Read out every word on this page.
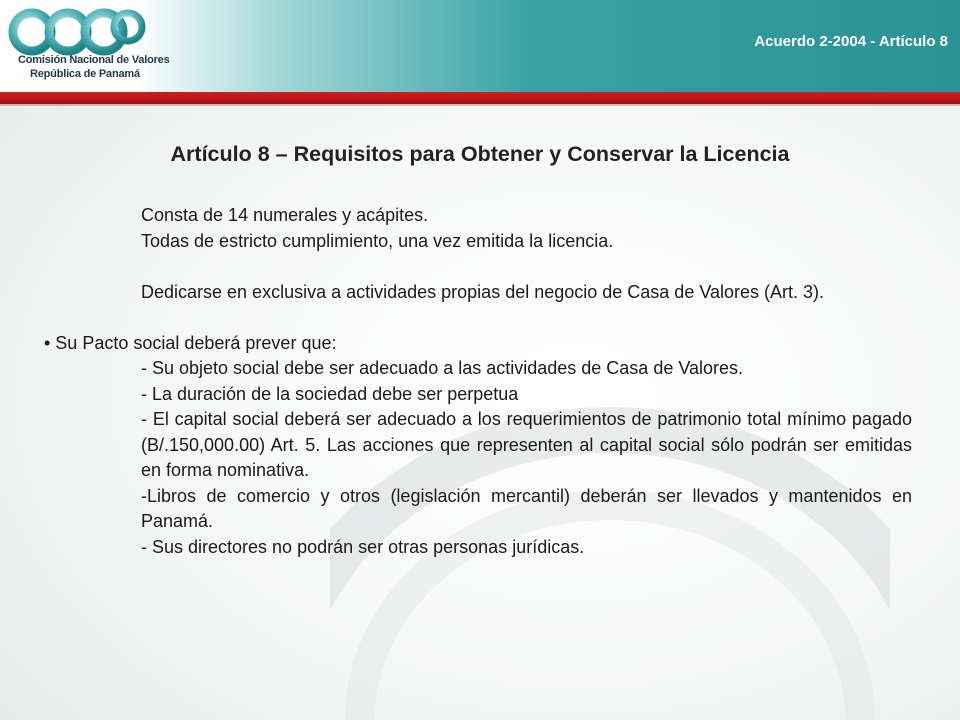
Comisión Nacional de Valores
República de Panamá
Acuerdo 2-2004 - Artículo 8
Artículo 8 – Requisitos para Obtener y Conservar la Licencia

Consta de 14 numerales y acápites.

Todas de estricto cumplimiento, una vez emitida la licencia.

Dedicarse en exclusiva a actividades propias del negocio de Casa de Valores (Art. 3).

• Su Pacto social deberá prever que:

- Su objeto social debe ser adecuado a las actividades de Casa de Valores.

- La duración de la sociedad debe ser perpetua

- El capital social deberá ser adecuado a los requerimientos de patrimonio total mínimo pagado (B/.150,000.00) Art. 5. Las acciones que representen al capital social sólo podrán ser emitidas en forma nominativa.

-Libros de comercio y otros (legislación mercantil) deberán ser llevados y mantenidos en Panamá.

- Sus directores no podrán ser otras personas jurídicas.
